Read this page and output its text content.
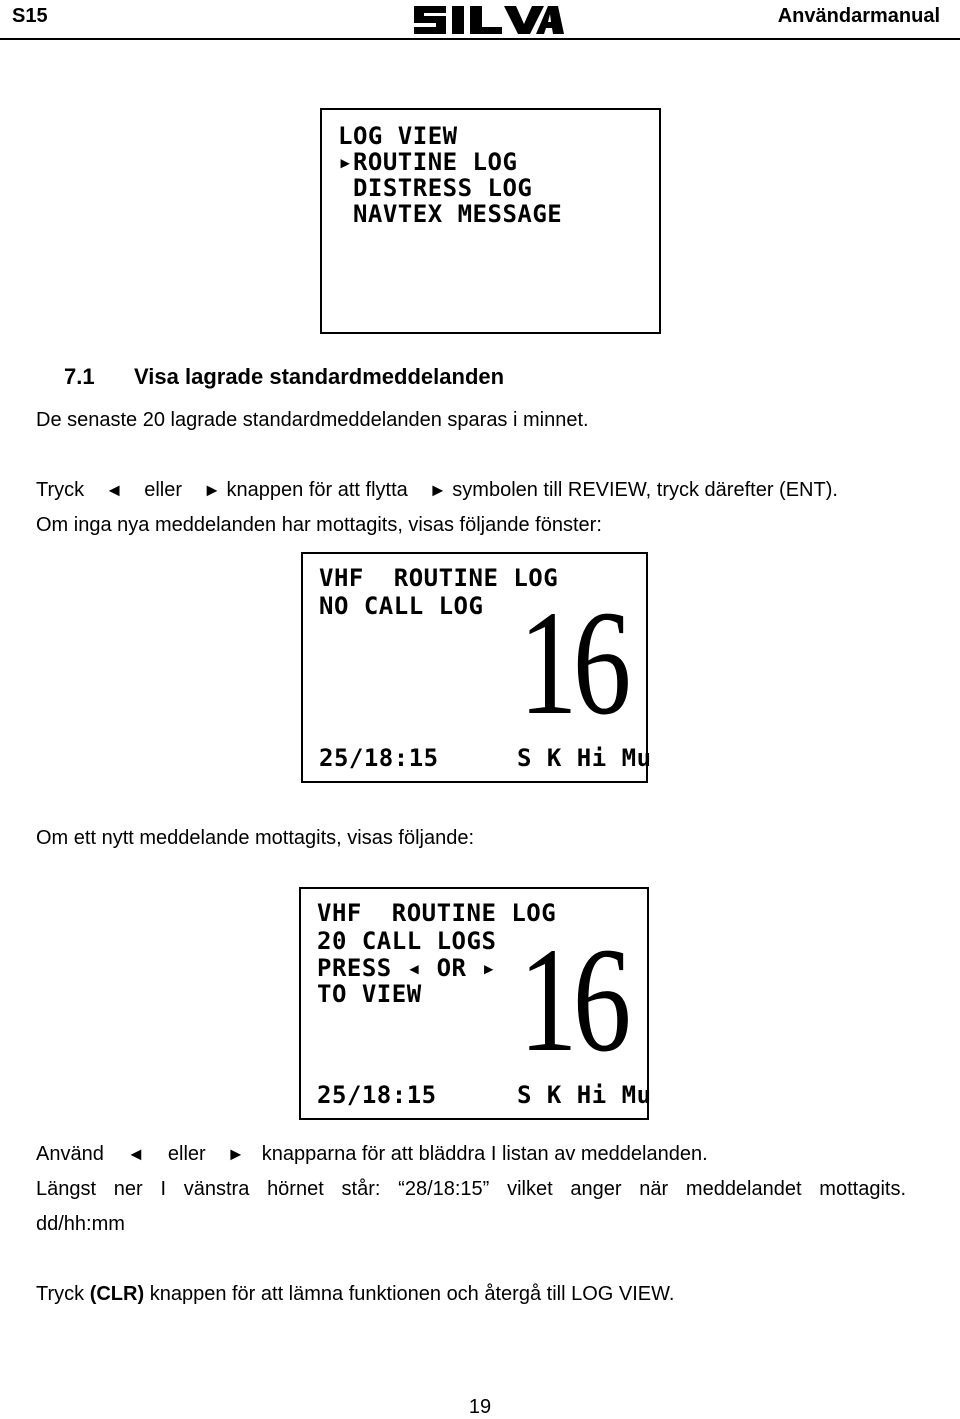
S15	Användarmanual
LOG VIEW
▸ROUTINE LOG
DISTRESS LOG
NAVTEX MESSAGE
7.1 Visa lagrade standardmeddelanden
De senaste 20 lagrade standardmeddelanden sparas i minnet.
Tryck ◄ eller ► knappen för att flytta ► symbolen till REVIEW, tryck därefter (ENT).
Om inga nya meddelanden har mottagits, visas följande fönster:
VHF  ROUTINE LOG
NO CALL LOG 16
25/18:15	S K Hi Mu
Om ett nytt meddelande mottagits, visas följande:
VHF  ROUTINE LOG
20 CALL LOGS
PRESS ◂ OR ▸
TO VIEW 16
25/18:15	S K Hi Mu
Använd ◄ eller ► knapparna för att bläddra I listan av meddelanden.
Längst ner I vänstra hörnet står: “28/18:15” vilket anger när meddelandet mottagits.
dd/hh:mm
Tryck (CLR) knappen för att lämna funktionen och återgå till LOG VIEW.
19
